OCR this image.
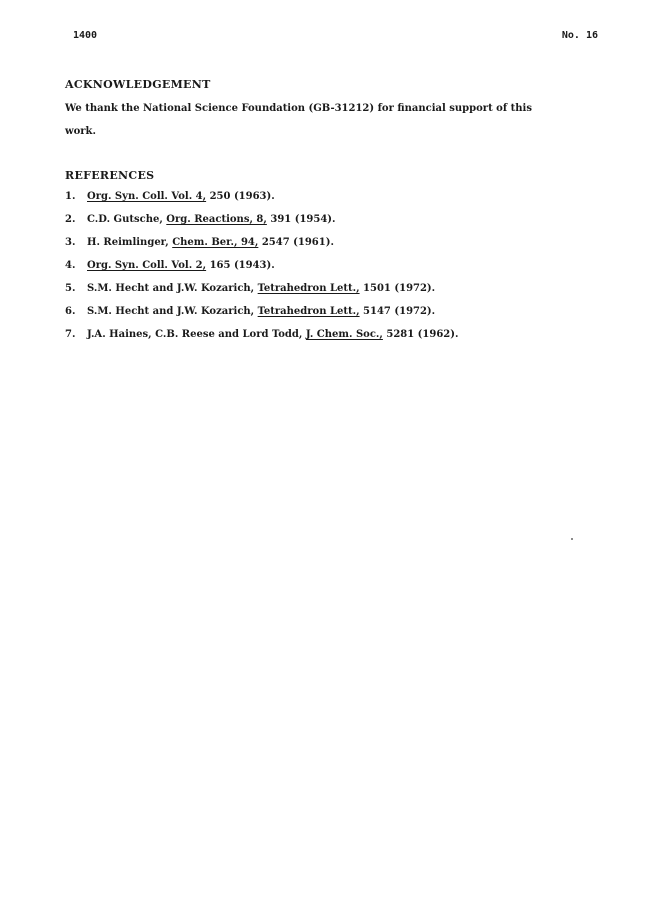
1400	No. 16
ACKNOWLEDGEMENT
We thank the National Science Foundation (GB-31212) for financial support of this
work.
REFERENCES
1. Org. Syn. Coll. Vol. 4, 250 (1963).
2. C.D. Gutsche, Org. Reactions, 8, 391 (1954).
3. H. Reimlinger, Chem. Ber., 94, 2547 (1961).
4. Org. Syn. Coll. Vol. 2, 165 (1943).
5. S.M. Hecht and J.W. Kozarich, Tetrahedron Lett., 1501 (1972).
6. S.M. Hecht and J.W. Kozarich, Tetrahedron Lett., 5147 (1972).
7. J.A. Haines, C.B. Reese and Lord Todd, J. Chem. Soc., 5281 (1962).
